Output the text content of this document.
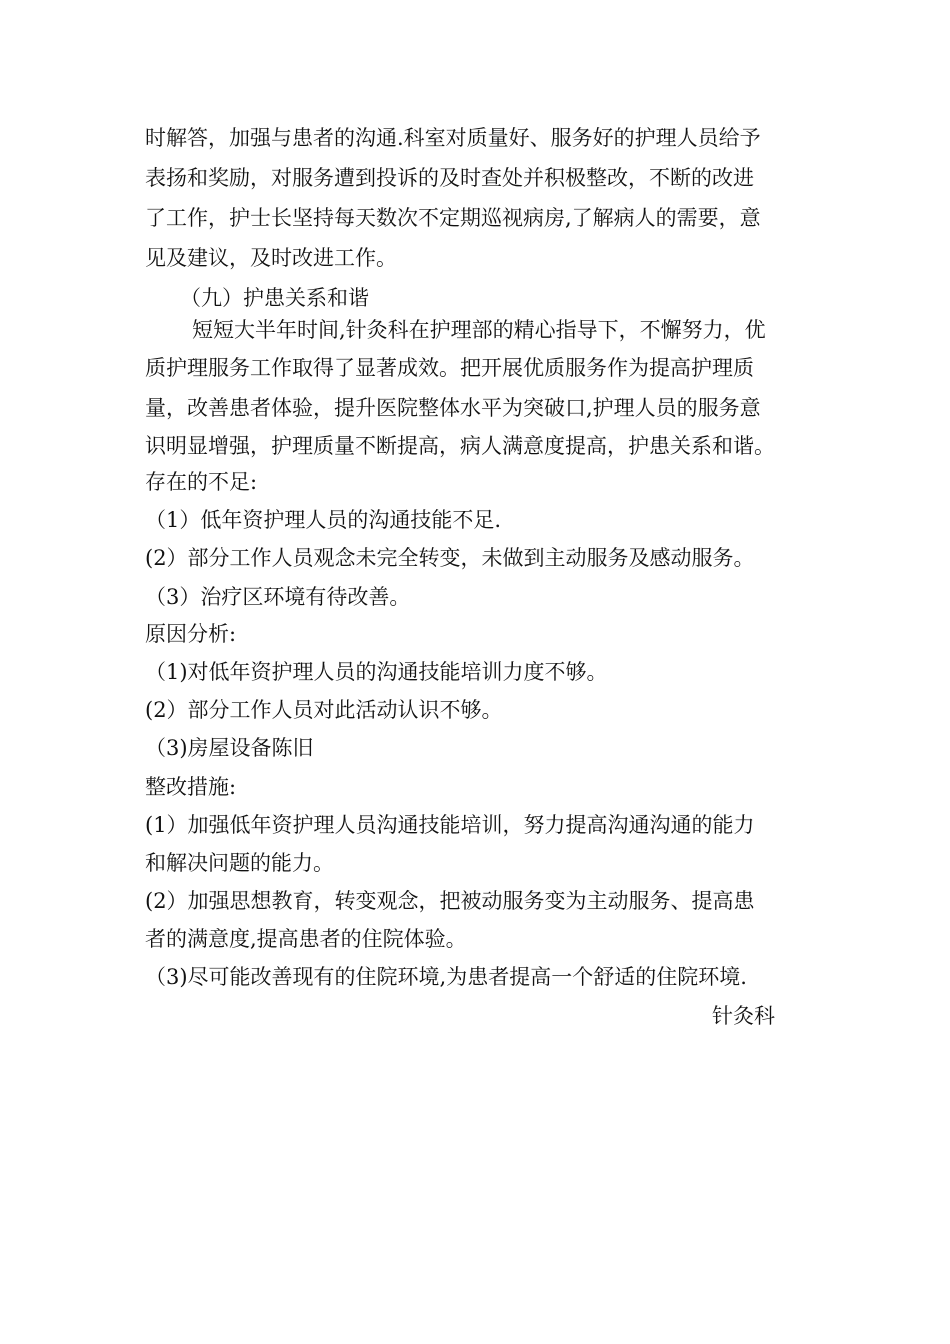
时解答，加强与患者的沟通.科室对质量好、服务好的护理人员给予
表扬和奖励，对服务遭到投诉的及时查处并积极整改，不断的改进
了工作，护士长坚持每天数次不定期巡视病房,了解病人的需要，意
见及建议，及时改进工作。
（九）护患关系和谐
短短大半年时间,针灸科在护理部的精心指导下，不懈努力，优
质护理服务工作取得了显著成效。把开展优质服务作为提高护理质
量，改善患者体验，提升医院整体水平为突破口,护理人员的服务意
识明显增强，护理质量不断提高，病人满意度提高，护患关系和谐。
存在的不足:
（1）低年资护理人员的沟通技能不足.
(2）部分工作人员观念未完全转变，未做到主动服务及感动服务。
（3）治疗区环境有待改善。
原因分析:
（1)对低年资护理人员的沟通技能培训力度不够。
(2）部分工作人员对此活动认识不够。
（3)房屋设备陈旧
整改措施:
(1）加强低年资护理人员沟通技能培训，努力提高沟通沟通的能力
和解决问题的能力。
(2）加强思想教育，转变观念，把被动服务变为主动服务、提高患
者的满意度,提高患者的住院体验。
（3)尽可能改善现有的住院环境,为患者提高一个舒适的住院环境.
针灸科
